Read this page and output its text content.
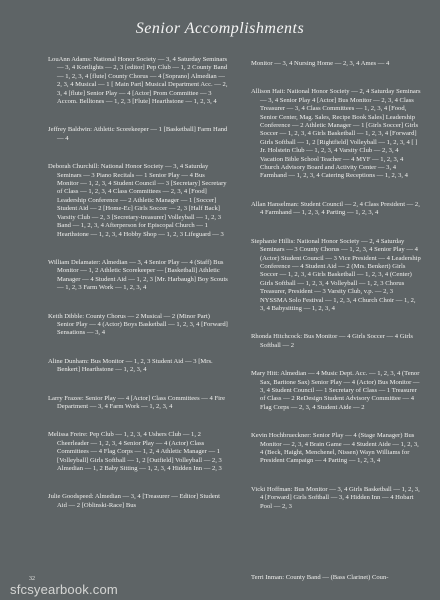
Senior Accomplishments

LouAnn Adams: National Honor Society — 3, 4 Saturday Seminars — 3, 4 Kortlights — 2, 3 [editor] Pep Club — 1, 2 County Band — 1, 2, 3, 4 [flute] County Chorus — 4 [Soprano] Almedian — 2, 3, 4 Musical — 1 [ Main Part] Musical Department Acc. — 2, 3, 4 [flute] Senior Play — 4 [Actor] Prom Committee — 3 Accom. Belltones — 1, 2, 3 [Flute] Hearthstone — 1, 2, 3, 4

Jeffrey Baldwin: Athletic Scorekeeper — 1 [Basketball] Farm Hand — 4

Deborah Churchill: National Honor Society — 3, 4 Saturday Seminars — 3 Piano Recitals — 1 Senior Play — 4 Bus Monitor — 1, 2, 3, 4 Student Council — 3 [Secretary] Secretary of Class — 1, 2, 3, 4 Class Committees — 2, 3, 4 [Food] Leadership Conference — 2 Athletic Manager — 1 [Soccer] Student Aid — 2 [Home-Ec] Girls Soccer — 2, 3 [Half Back] Varsity Club — 2, 3 [Secretary-treasurer] Volleyball — 1, 2, 3 Band — 1, 2, 3, 4 Afterperson for Episcopal Church — 1 Hearthstone — 1, 2, 3, 4 Hobby Shop — 1, 2, 3 Lifeguard — 3

William Delamater: Almedian — 3, 4 Senior Play — 4 (Staff) Bus Monitor — 1, 2 Athletic Scorekeeper — [Basketball] Athletic Manager — 4 Student Aid — 1, 2, 3 [Mr. Harbaugh] Boy Scouts — 1, 2, 3 Farm Work — 1, 2, 3, 4

Keith Dibble: County Chorus — 2 Musical — 2 (Minor Part) Senior Play — 4 (Actor) Boys Basketball — 1, 2, 3, 4 [Forward] Sensations — 3, 4

Aline Dunham: Bus Monitor — 1, 2, 3 Student Aid — 3 [Mrs. Benkert] Hearthstone — 1, 2, 3, 4

Larry Frazee: Senior Play — 4 [Actor] Class Committees — 4 Fire Department — 3, 4 Farm Work — 1, 2, 3, 4

Melissa Freire: Pep Club — 1, 2, 3, 4 Ushers Club — 1, 2 Cheerleader — 1, 2, 3, 4 Senior Play — 4 (Actor) Class Committees — 4 Flag Corps — 1, 2, 4 Athletic Manager — 1 [Volleyball] Girls Softball — 1, 2 [Outfield] Volleyball — 2, 3 Almedian — 1, 2 Baby Sitting — 1, 2, 3, 4 Hidden Inn — 2, 3

Julie Goodspeed: Almedian — 3, 4 [Treasurer — Editor] Student Aid — 2 [Oblinski-Race] Bus

Monitor — 3, 4 Nursing Home — 2, 3, 4 Ames — 4

Allison Hait: National Honor Society — 2, 4 Saturday Seminars — 3, 4 Senior Play 4 [Actor] Bus Monitor — 2, 3, 4 Class Treasurer — 3, 4 Class Committees — 1, 2, 3, 4 [Food, Senior Center, Mag. Sales, Recipe Book Sales] Leadership Conference — 2 Athletic Manager — 1 [Girls Soccer] Girls Soccer — 1, 2, 3, 4 Girls Basketball — 1, 2, 3, 4 [Forward] Girls Softball — 1, 2 [Rightfield] Volleyball — 1, 2, 3, 4 [ ] Jr. Holstein Club — 1, 2, 3, 4 Varsity Club — 2, 3, 4 Vacation Bible School Teacher — 4 MYF — 1, 2, 3, 4 Church Advisory Board and Activity Center — 3, 4 Farmhand — 1, 2, 3, 4 Catering Receptions — 1, 2, 3, 4

Allan Hanselman: Student Council — 2, 4 Class President — 2, 4 Farmhand — 1, 2, 3, 4 Parting — 1, 2, 3, 4

Stephanie Hillis: National Honor Society — 2, 4 Saturday Seminars — 3 County Chorus — 1, 2, 3, 4 Senior Play — 4 (Actor) Student Council — 3 Vice President — 4 Leadership Conference — 4 Student Aid — 2 (Mrs. Benkert) Girls Soccer — 1, 2, 3, 4 Girls Basketball — 1, 2, 3, 4 (Center) Girls Softball — 1, 2, 3, 4 Volleyball — 1, 2, 3 Chorus Treasurer, President — 3 Varsity Club, v.p. — 2, 3 NYSSMA Solo Festival — 1, 2, 3, 4 Church Choir — 1, 2, 3, 4 Babysitting — 1, 2, 3, 4

Rhonda Hitchcock: Bus Monitor — 4 Girls Soccer — 4 Girls Softball — 2

Mary Hitt: Almedian — 4 Music Dept. Acc. — 1, 2, 3, 4 (Tenor Sax, Baritone Sax) Senior Play — 4 (Actor) Bus Monitor — 3, 4 Student Council — 1 Secretary of Class — 1 Treasurer of Class — 2 ReDesign Student Advisory Committee — 4 Flag Corps — 2, 3, 4 Student Aide — 2

Kevin Hochbrueckner: Senior Play — 4 (Stage Manager) Bus Monitor — 2, 3, 4 Brain Game — 4 Student Aide — 1, 2, 3, 4 (Beck, Haight, Menchenel, Nissen) Wayn Williams for President Campaign — 4 Parting — 1, 2, 3, 4

Vicki Hoffman: Bus Monitor — 3, 4 Girls Basketball — 1, 2, 3, 4 [Forward] Girls Softball — 3, 4 Hidden Inn — 4 Hobart Pool — 2, 3

Terri Inman: County Band — (Bass Clarinet) Coun-
32
sfcsyearbook.com
